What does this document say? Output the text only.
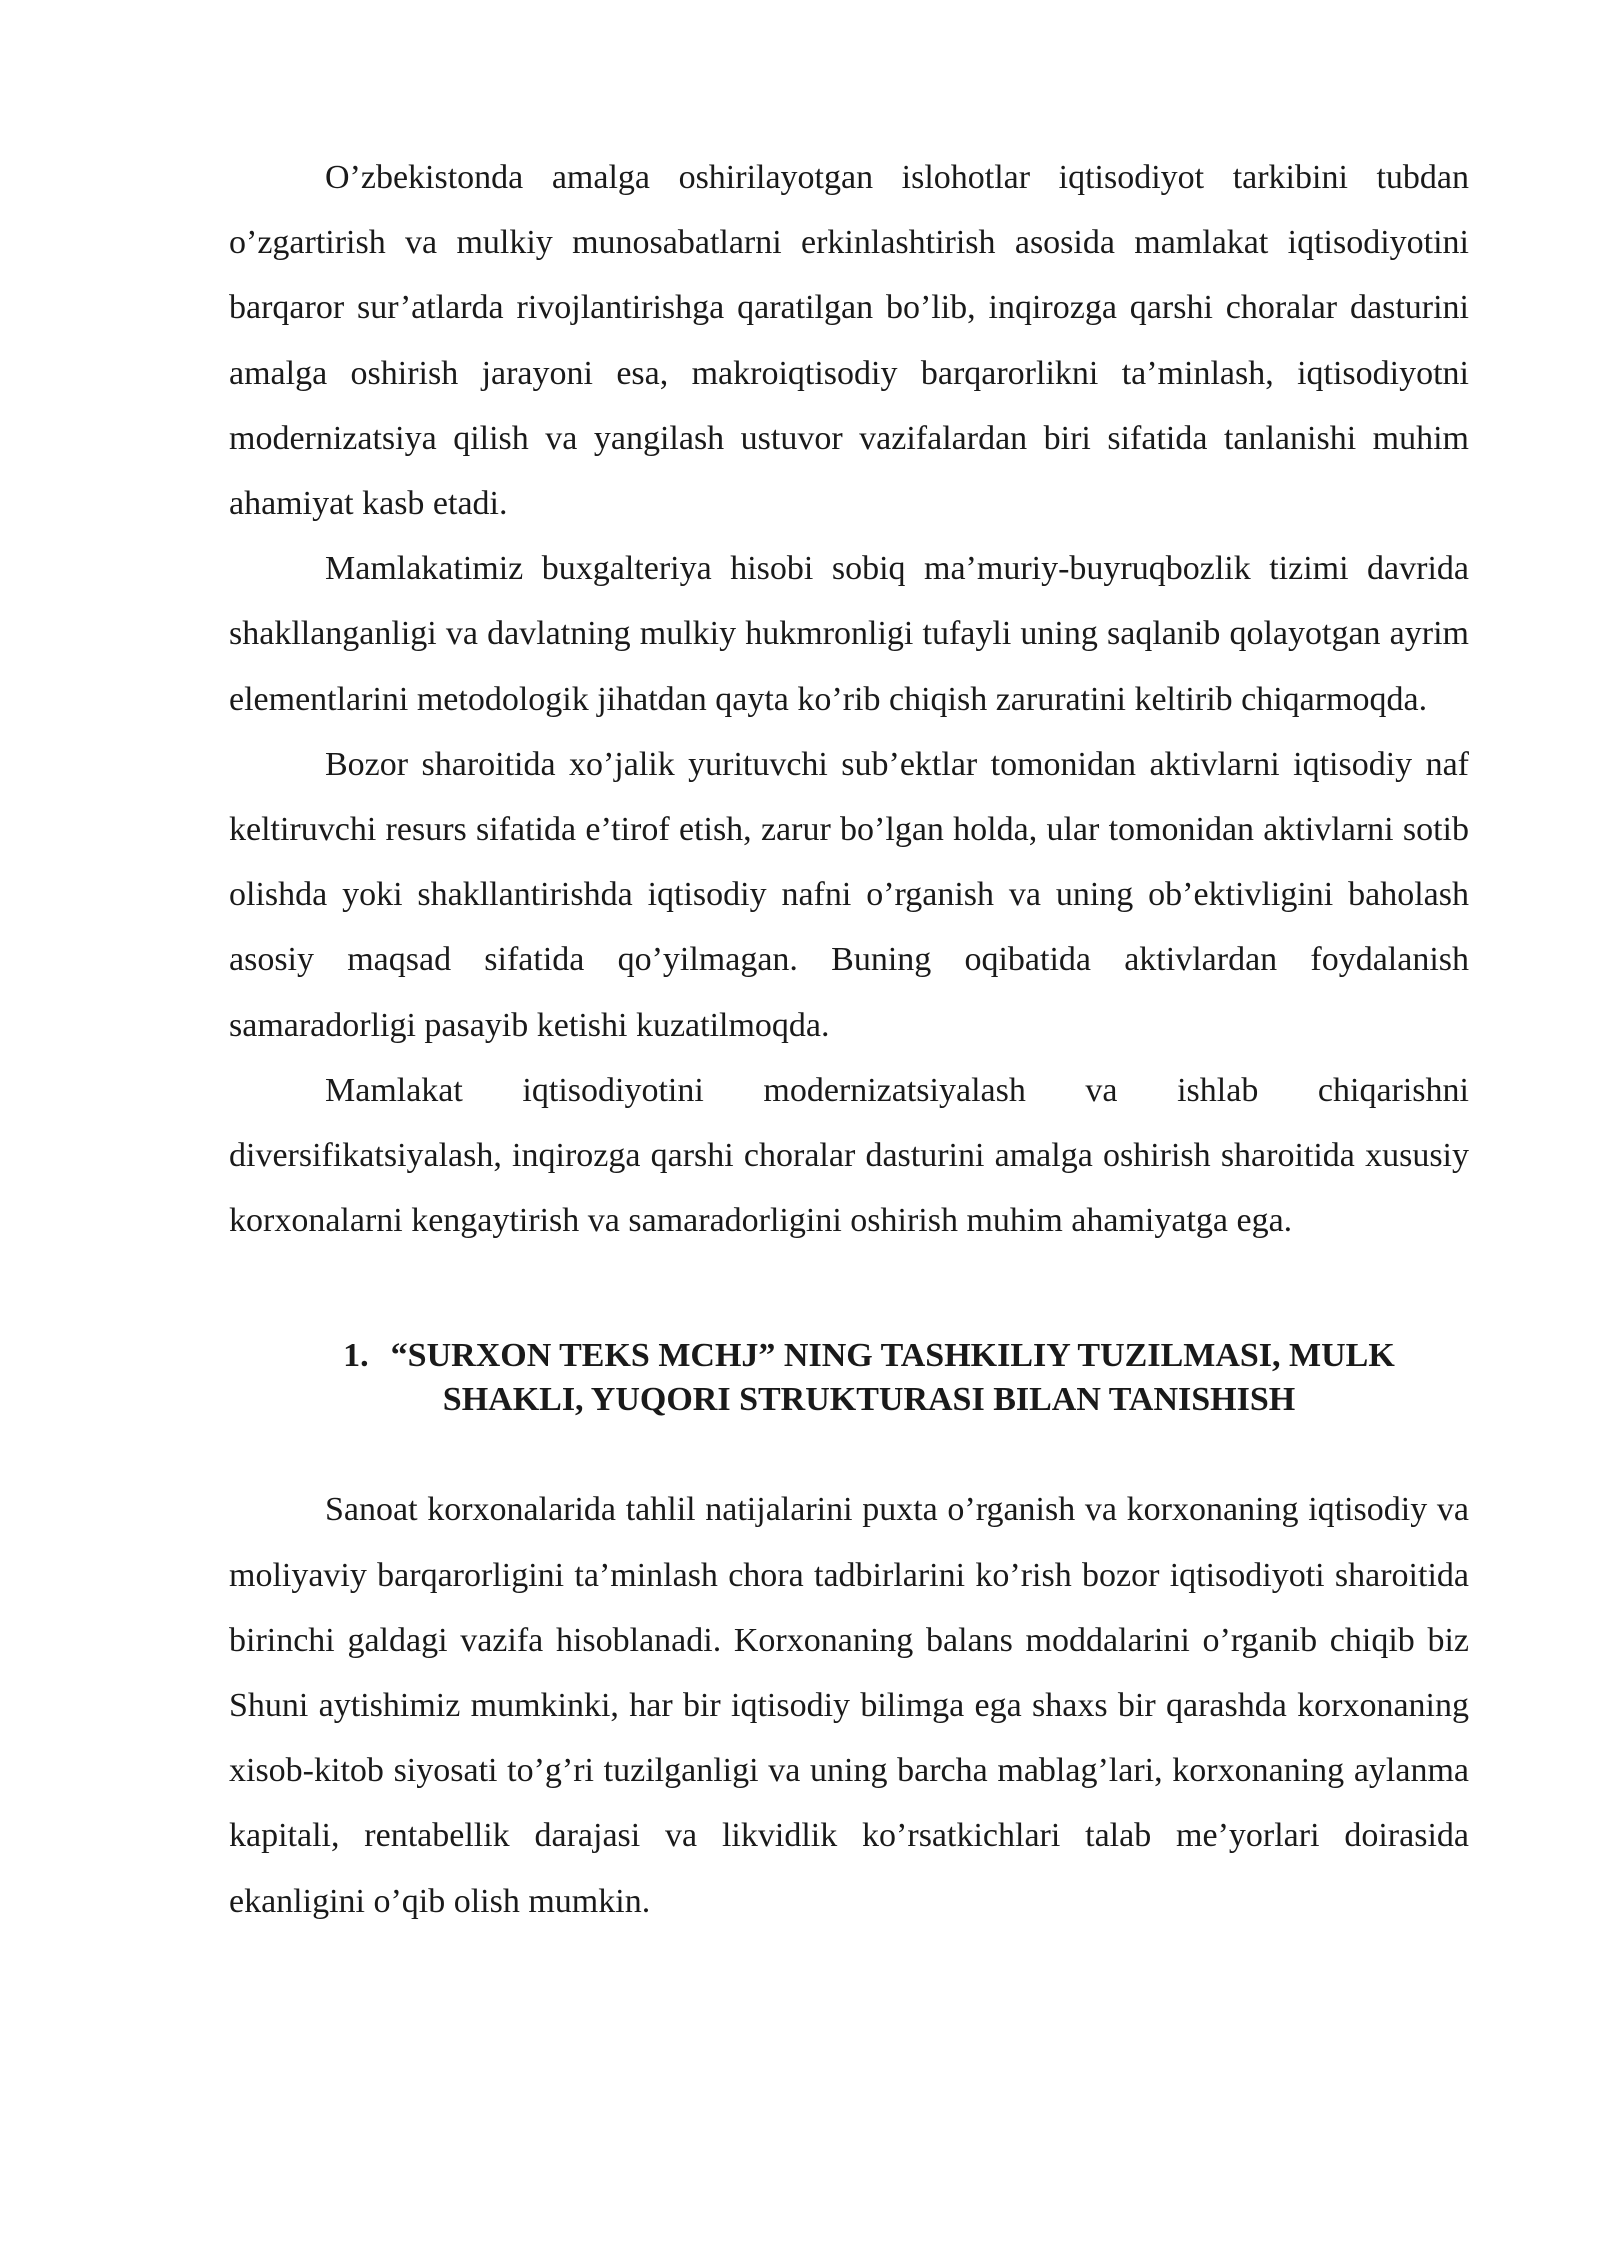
O’zbekistonda amalga oshirilayotgan islohotlar iqtisodiyot tarkibini tubdan o’zgartirish va mulkiy munosabatlarni erkinlashtirish asosida mamlakat iqtisodiyotini barqaror sur’atlarda rivojlantirishga qaratilgan bo’lib, inqirozga qarshi choralar dasturini amalga oshirish jarayoni esa, makroiqtisodiy barqarorlikni ta’minlash, iqtisodiyotni modernizatsiya qilish va yangilash ustuvor vazifalardan biri sifatida tanlanishi muhim ahamiyat kasb etadi.

Mamlakatimiz buxgalteriya hisobi sobiq ma’muriy-buyruqbozlik tizimi davrida shakllanganligi va davlatning mulkiy hukmronligi tufayli uning saqlanib qolayotgan ayrim elementlarini metodologik jihatdan qayta ko’rib chiqish zaruratini keltirib chiqarmoqda.

Bozor sharoitida xo’jalik yurituvchi sub’ektlar tomonidan aktivlarni iqtisodiy naf keltiruvchi resurs sifatida e’tirof etish, zarur bo’lgan holda, ular tomonidan aktivlarni sotib olishda yoki shakllantirishda iqtisodiy nafni o’rganish va uning ob’ektivligini baholash asosiy maqsad sifatida qo’yilmagan. Buning oqibatida aktivlardan foydalanish samaradorligi pasayib ketishi kuzatilmoqda.

Mamlakat iqtisodiyotini modernizatsiyalash va ishlab chiqarishni diversifikatsiyalash, inqirozga qarshi choralar dasturini amalga oshirish sharoitida xususiy korxonalarni kengaytirish va samaradorligini oshirish muhim ahamiyatga ega.

1. “SURXON TEKS MCHJ” NING TASHKILIY TUZILMASI, MULK
SHAKLI, YUQORI STRUKTURASI BILAN TANISHISH

Sanoat korxonalarida tahlil natijalarini puxta o’rganish va korxonaning iqtisodiy va moliyaviy barqarorligini ta’minlash chora tadbirlarini ko’rish bozor iqtisodiyoti sharoitida birinchi galdagi vazifa hisoblanadi. Korxonaning balans moddalarini o’rganib chiqib biz Shuni aytishimiz mumkinki, har bir iqtisodiy bilimga ega shaxs bir qarashda korxonaning xisob-kitob siyosati to’g’ri tuzilganligi va uning barcha mablag’lari, korxonaning aylanma kapitali, rentabellik darajasi va likvidlik ko’rsatkichlari talab me’yorlari doirasida ekanligini o’qib olish mumkin.
